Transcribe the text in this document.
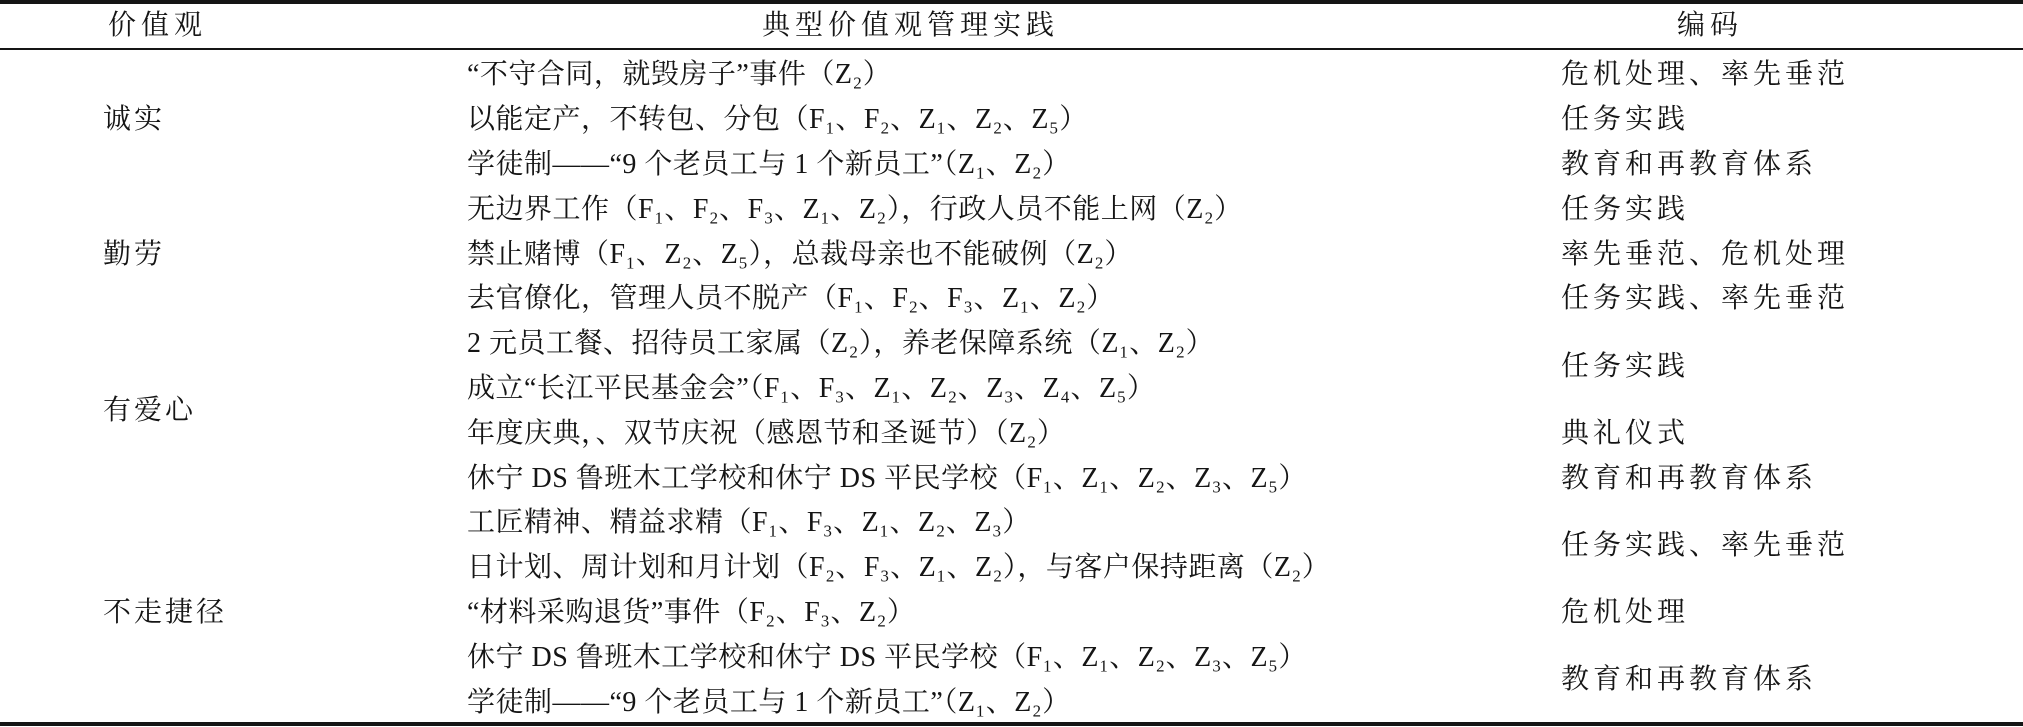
价值观	典型价值观管理实践	编码
诚实
勤劳
有爱心
不走捷径
“不守合同，就毁房子”事件（Z₂）
以能定产，不转包、分包（F₁、F₂、Z₁、Z₂、Z₅）
学徒制——“9 个老员工与 1 个新员工”（Z₁、Z₂）
无边界工作（F₁、F₂、F₃、Z₁、Z₂），行政人员不能上网（Z₂）
禁止赌博（F₁、Z₂、Z₅），总裁母亲也不能破例（Z₂）
去官僚化，管理人员不脱产（F₁、F₂、F₃、Z₁、Z₂）
2 元员工餐、招待员工家属（Z₂），养老保障系统（Z₁、Z₂）
成立“长江平民基金会”（F₁、F₃、Z₁、Z₂、Z₃、Z₄、Z₅）
年度庆典，、双节庆祝（感恩节和圣诞节）（Z₂）
休宁 DS 鲁班木工学校和休宁 DS 平民学校（F₁、Z₁、Z₂、Z₃、Z₅）
工匠精神、精益求精（F₁、F₃、Z₁、Z₂、Z₃）
日计划、周计划和月计划（F₂、F₃、Z₁、Z₂），与客户保持距离（Z₂）
“材料采购退货”事件（F₂、F₃、Z₂）
休宁 DS 鲁班木工学校和休宁 DS 平民学校（F₁、Z₁、Z₂、Z₃、Z₅）
学徒制——“9 个老员工与 1 个新员工”（Z₁、Z₂）
危机处理、率先垂范
任务实践
教育和再教育体系
任务实践
率先垂范、危机处理
任务实践、率先垂范
任务实践
典礼仪式
教育和再教育体系
任务实践、率先垂范
危机处理
教育和再教育体系
